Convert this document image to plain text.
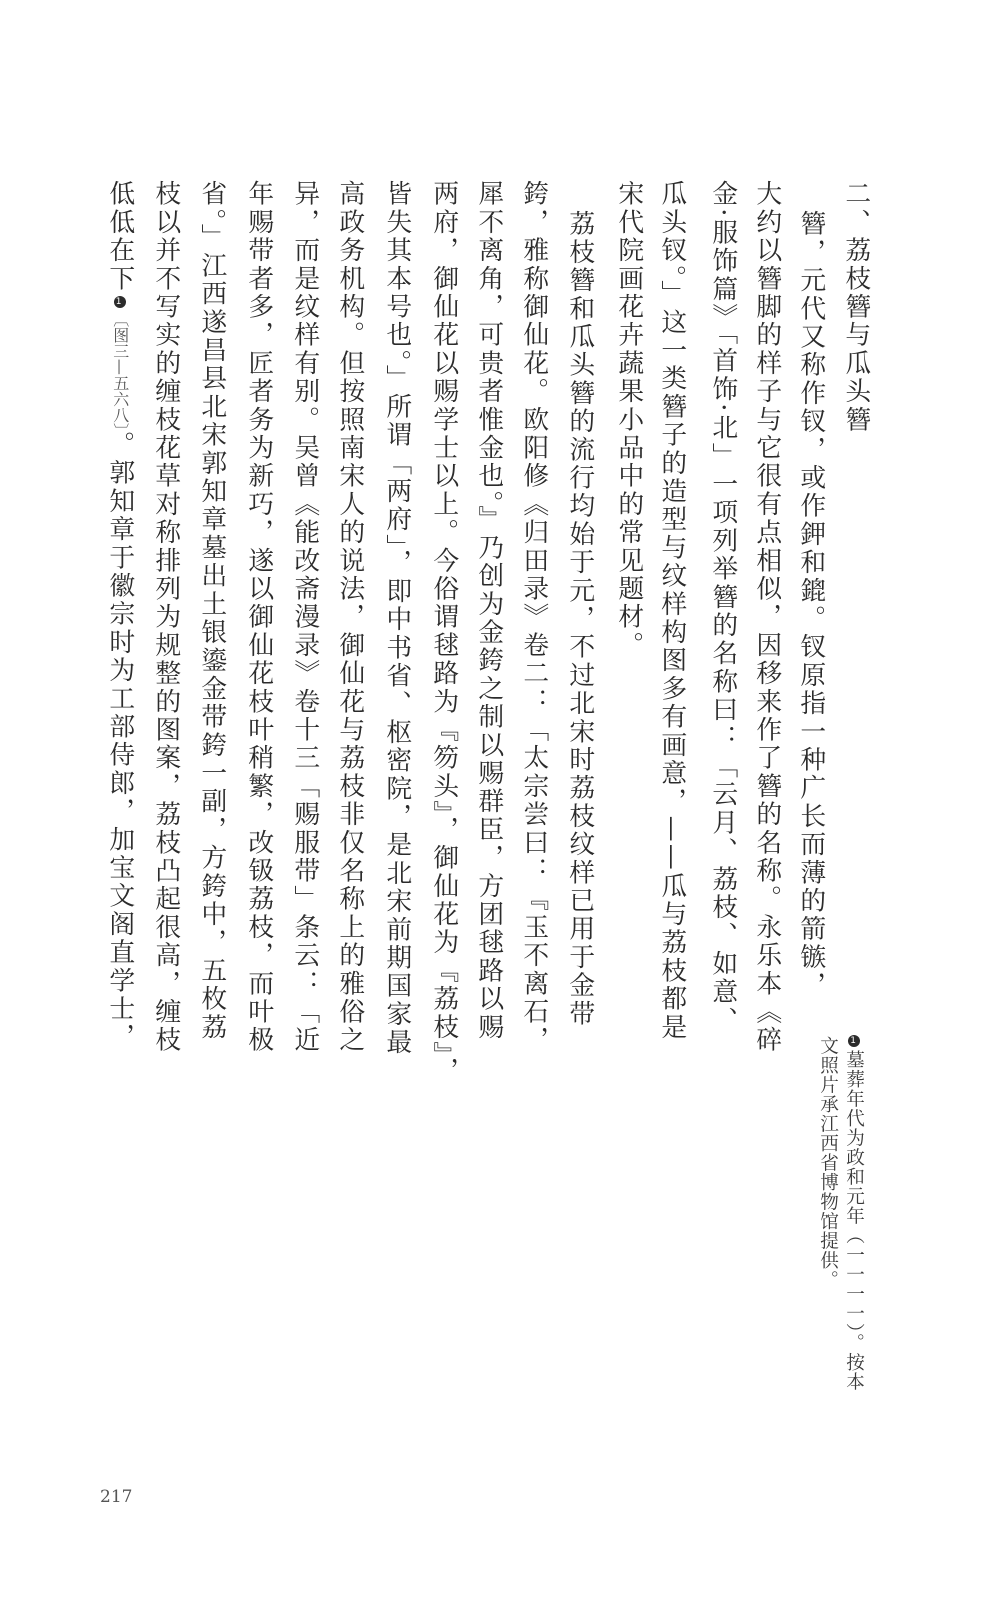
二、荔枝簪与瓜头簪
簪，元代又称作钗，或作鉀和鎞。钗原指一种广长而薄的箭镞，
大约以簪脚的样子与它很有点相似，因移来作了簪的名称。永乐本《碎
金·服饰篇》「首饰·北」一项列举簪的名称曰：「云月、荔枝、如意、
瓜头钗。」这一类簪子的造型与纹样构图多有画意，——瓜与荔枝都是
宋代院画花卉蔬果小品中的常见题材。
荔枝簪和瓜头簪的流行均始于元，不过北宋时荔枝纹样已用于金带
銙，雅称御仙花。欧阳修《归田录》卷二：「太宗尝曰：『玉不离石，
犀不离角，可贵者惟金也。』乃创为金銙之制以赐群臣，方团毬路以赐
两府，御仙花以赐学士以上。今俗谓毬路为『笏头』，御仙花为『荔枝』，
皆失其本号也。」所谓「两府」，即中书省、枢密院，是北宋前期国家最
高政务机构。但按照南宋人的说法，御仙花与荔枝非仅名称上的雅俗之
异，而是纹样有别。吴曾《能改斋漫录》卷十三「赐服带」条云：「近
年赐带者多，匠者务为新巧，遂以御仙花枝叶稍繁，改钑荔枝，而叶极
省。」江西遂昌县北宋郭知章墓出土银鎏金带銙一副，方銙中，五枚荔
枝以并不写实的缠枝花草对称排列为规整的图案，荔枝凸起很高，缠枝
低低在下1〔图三—五六八〕。郭知章于徽宗时为工部侍郎，加宝文阁直学士，	1墓葬年代为政和元年（一一一一）。按本
文照片承江西省博物馆提供。
217
